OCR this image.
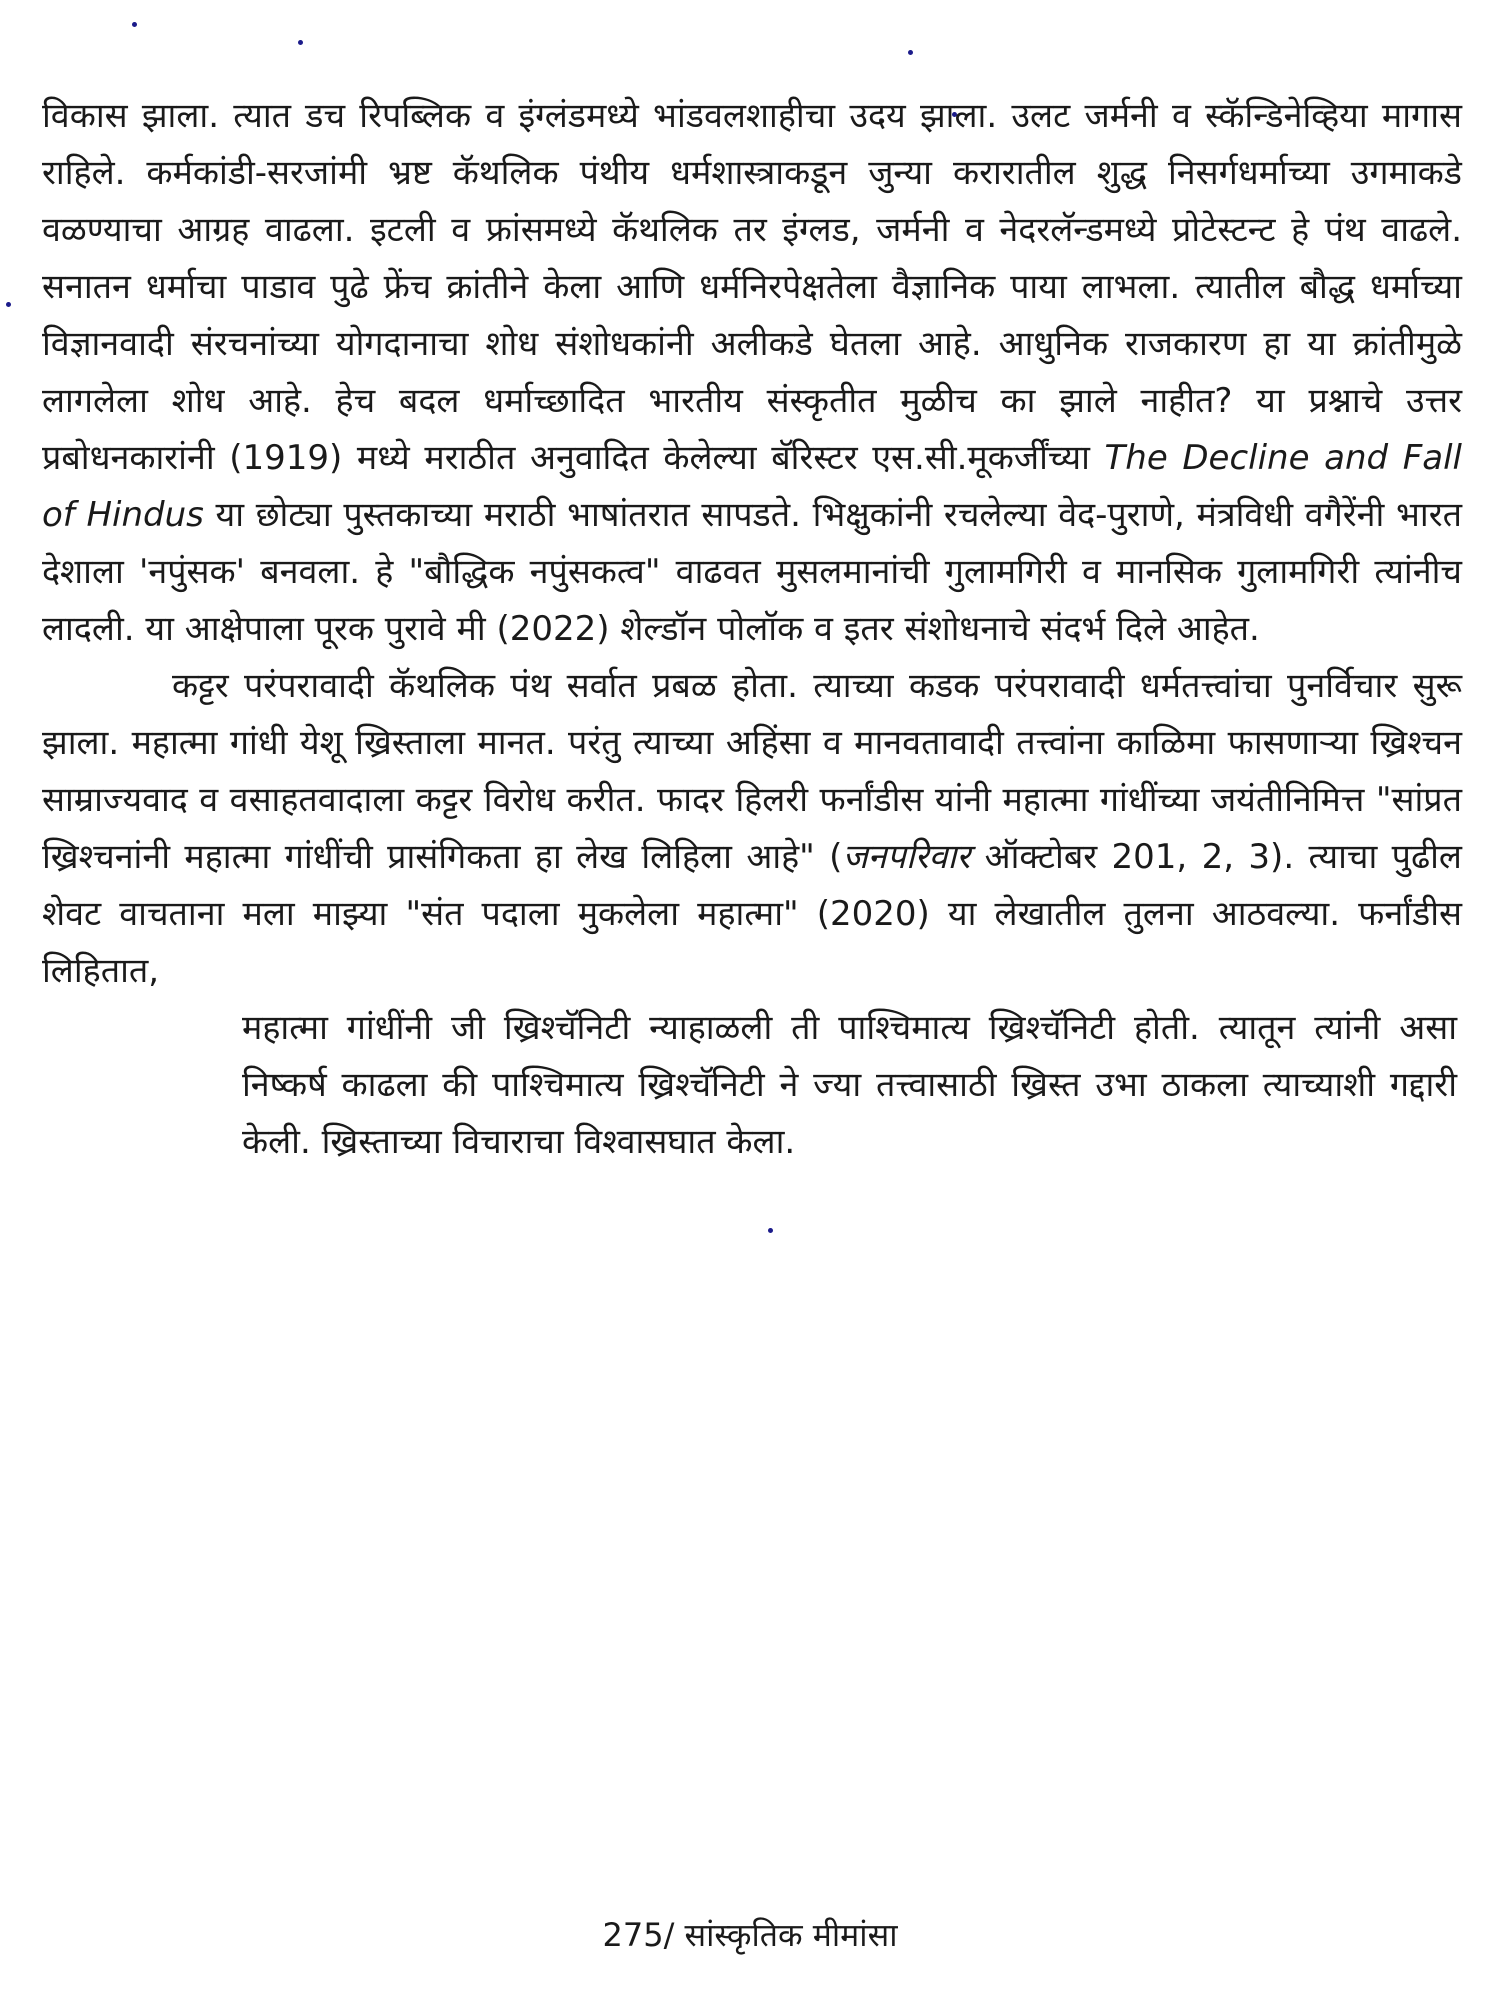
विकास झाला. त्यात डच रिपब्लिक व इंग्लंडमध्ये भांडवलशाहीचा उदय झाला. उलट जर्मनी व स्कॅन्डिनेव्हिया मागास राहिले. कर्मकांडी-सरजांमी भ्रष्ट कॅथलिक पंथीय धर्मशास्त्राकडून जुन्या करारातील शुद्ध निसर्गधर्माच्या उगमाकडे वळण्याचा आग्रह वाढला. इटली व फ्रांसमध्ये कॅथलिक तर इंग्लड, जर्मनी व नेदरलॅन्डमध्ये प्रोटेस्टन्ट हे पंथ वाढले. सनातन धर्माचा पाडाव पुढे फ्रेंच क्रांतीने केला आणि धर्मनिरपेक्षतेला वैज्ञानिक पाया लाभला. त्यातील बौद्ध धर्माच्या विज्ञानवादी संरचनांच्या योगदानाचा शोध संशोधकांनी अलीकडे घेतला आहे. आधुनिक राजकारण हा या क्रांतीमुळे लागलेला शोध आहे. हेच बदल धर्माच्छादित भारतीय संस्कृतीत मुळीच का झाले नाहीत? या प्रश्नाचे उत्तर प्रबोधनकारांनी (1919) मध्ये मराठीत अनुवादित केलेल्या बॅरिस्टर एस.सी.मूकर्जींच्या The Decline and Fall of Hindus या छोट्या पुस्तकाच्या मराठी भाषांतरात सापडते. भिक्षुकांनी रचलेल्या वेद-पुराणे, मंत्रविधी वगैरेंनी भारत देशाला 'नपुंसक' बनवला. हे "बौद्धिक नपुंसकत्व" वाढवत मुसलमानांची गुलामगिरी व मानसिक गुलामगिरी त्यांनीच लादली. या आक्षेपाला पूरक पुरावे मी (2022) शेल्डॉन पोलॉक व इतर संशोधनाचे संदर्भ दिले आहेत.

कट्टर परंपरावादी कॅथलिक पंथ सर्वात प्रबळ होता. त्याच्या कडक परंपरावादी धर्मतत्त्वांचा पुनर्विचार सुरू झाला. महात्मा गांधी येशू ख्रिस्ताला मानत. परंतु त्याच्या अहिंसा व मानवतावादी तत्त्वांना काळिमा फासणाऱ्या ख्रिश्चन साम्राज्यवाद व वसाहतवादाला कट्टर विरोध करीत. फादर हिलरी फर्नांडीस यांनी महात्मा गांधींच्या जयंतीनिमित्त "सांप्रत ख्रिश्चनांनी महात्मा गांधींची प्रासंगिकता हा लेख लिहिला आहे" (जनपरिवार ऑक्टोबर 201, 2, 3). त्याचा पुढील शेवट वाचताना मला माझ्या "संत पदाला मुकलेला महात्मा" (2020) या लेखातील तुलना आठवल्या. फर्नांडीस लिहितात,

महात्मा गांधींनी जी ख्रिश्चॅनिटी न्याहाळली ती पाश्चिमात्य ख्रिश्चॅनिटी होती. त्यातून त्यांनी असा निष्कर्ष काढला की पाश्चिमात्य ख्रिश्चॅनिटी ने ज्या तत्त्वासाठी ख्रिस्त उभा ठाकला त्याच्याशी गद्दारी केली. ख्रिस्ताच्या विचाराचा विश्वासघात केला.

275/ सांस्कृतिक मीमांसा
